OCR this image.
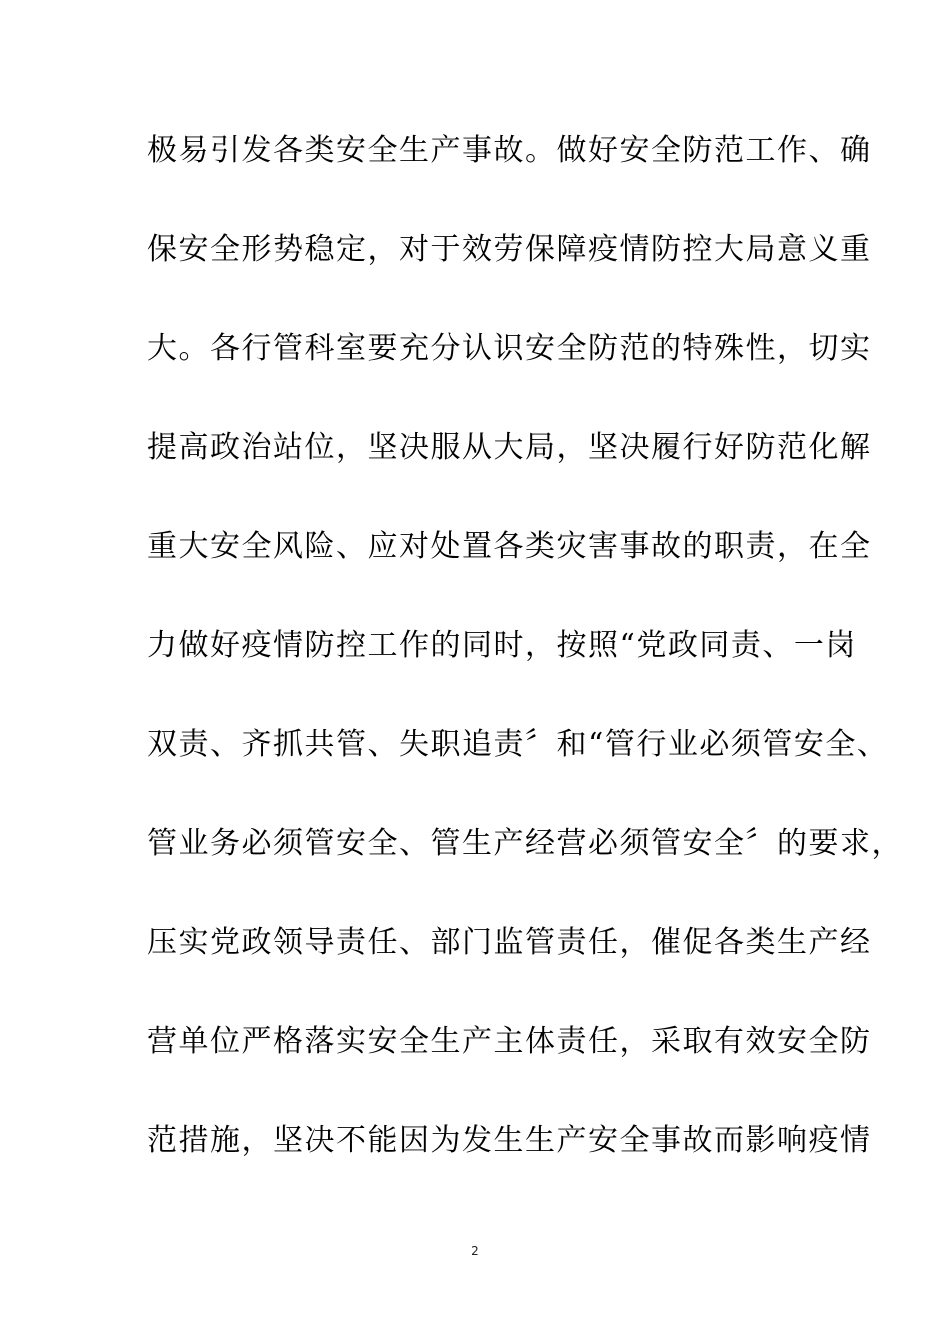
极易引发各类安全生产事故。做好安全防范工作、确
保安全形势稳定，对于效劳保障疫情防控大局意义重
大。各行管科室要充分认识安全防范的特殊性，切实
提高政治站位，坚决服从大局，坚决履行好防范化解
重大安全风险、应对处置各类灾害事故的职责，在全
力做好疫情防控工作的同时，按照“党政同责、一岗
双责、齐抓共管、失职追责〞和“管行业必须管安全、
管业务必须管安全、管生产经营必须管安全〞的要求，
压实党政领导责任、部门监管责任，催促各类生产经
营单位严格落实安全生产主体责任，采取有效安全防
范措施，坚决不能因为发生生产安全事故而影响疫情
2
